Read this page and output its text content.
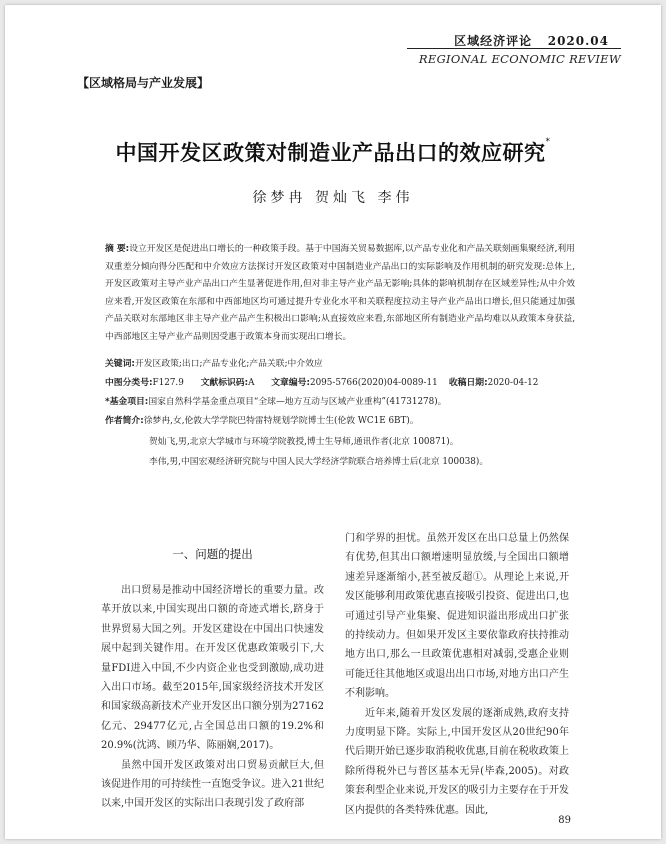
区域经济评论 2020.04
REGIONAL ECONOMIC REVIEW
【区域格局与产业发展】
中国开发区政策对制造业产品出口的效应研究*
徐梦冉 贺灿飞 李伟
摘 要:设立开发区是促进出口增长的一种政策手段。基于中国海关贸易数据库,以产品专业化和产品关联刻画集聚经济,利用双重差分倾向得分匹配和中介效应方法探讨开发区政策对中国制造业产品出口的实际影响及作用机制的研究发现:总体上,开发区政策对主导产业产品出口产生显著促进作用,但对非主导产业产品无影响;具体的影响机制存在区域差异性;从中介效应来看,开发区政策在东部和中西部地区均可通过提升专业化水平和关联程度拉动主导产业产品出口增长,但只能通过加强产品关联对东部地区非主导产业产品产生积极出口影响;从直接效应来看,东部地区所有制造业产品均难以从政策本身获益,中西部地区主导产业产品则因受惠于政策本身而实现出口增长。
关键词:开发区政策;出口;产品专业化;产品关联;中介效应
中图分类号:F127.9 文献标识码:A 文章编号:2095-5766(2020)04-0089-11 收稿日期:2020-04-12
*基金项目:国家自然科学基金重点项目“全球—地方互动与区域产业重构”(41731278)。
作者简介:徐梦冉,女,伦敦大学学院巴特雷特规划学院博士生(伦敦 WC1E 6BT)。
贺灿飞,男,北京大学城市与环境学院教授,博士生导师,通讯作者(北京 100871)。
李伟,男,中国宏观经济研究院与中国人民大学经济学院联合培养博士后(北京 100038)。
一、问题的提出

出口贸易是推动中国经济增长的重要力量。改革开放以来,中国实现出口额的奇迹式增长,跻身于世界贸易大国之列。开发区建设在中国出口快速发展中起到关键作用。在开发区优惠政策吸引下,大量FDI进入中国,不少内资企业也受到激励,成功进入出口市场。截至2015年,国家级经济技术开发区和国家级高新技术产业开发区出口额分别为27162亿元、29477亿元,占全国总出口额的19.2%和20.9%(沈鸿、顾乃华、陈丽娴,2017)。

虽然中国开发区政策对出口贸易贡献巨大,但该促进作用的可持续性一直饱受争议。进入21世纪以来,中国开发区的实际出口表现引发了政府部

门和学界的担忧。虽然开发区在出口总量上仍然保有优势,但其出口额增速明显放缓,与全国出口额增速差异逐渐缩小,甚至被反超①。从理论上来说,开发区能够利用政策优惠直接吸引投资、促进出口,也可通过引导产业集聚、促进知识溢出形成出口扩张的持续动力。但如果开发区主要依靠政府扶持推动地方出口,那么一旦政策优惠相对减弱,受惠企业则可能迁往其他地区或退出出口市场,对地方出口产生不利影响。

近年来,随着开发区发展的逐渐成熟,政府支持力度明显下降。实际上,中国开发区从20世纪90年代后期开始已逐步取消税收优惠,目前在税收政策上除所得税外已与普区基本无异(毕森,2005)。对政策套利型企业来说,开发区的吸引力主要存在于开发区内提供的各类特殊优惠。因此,

89
